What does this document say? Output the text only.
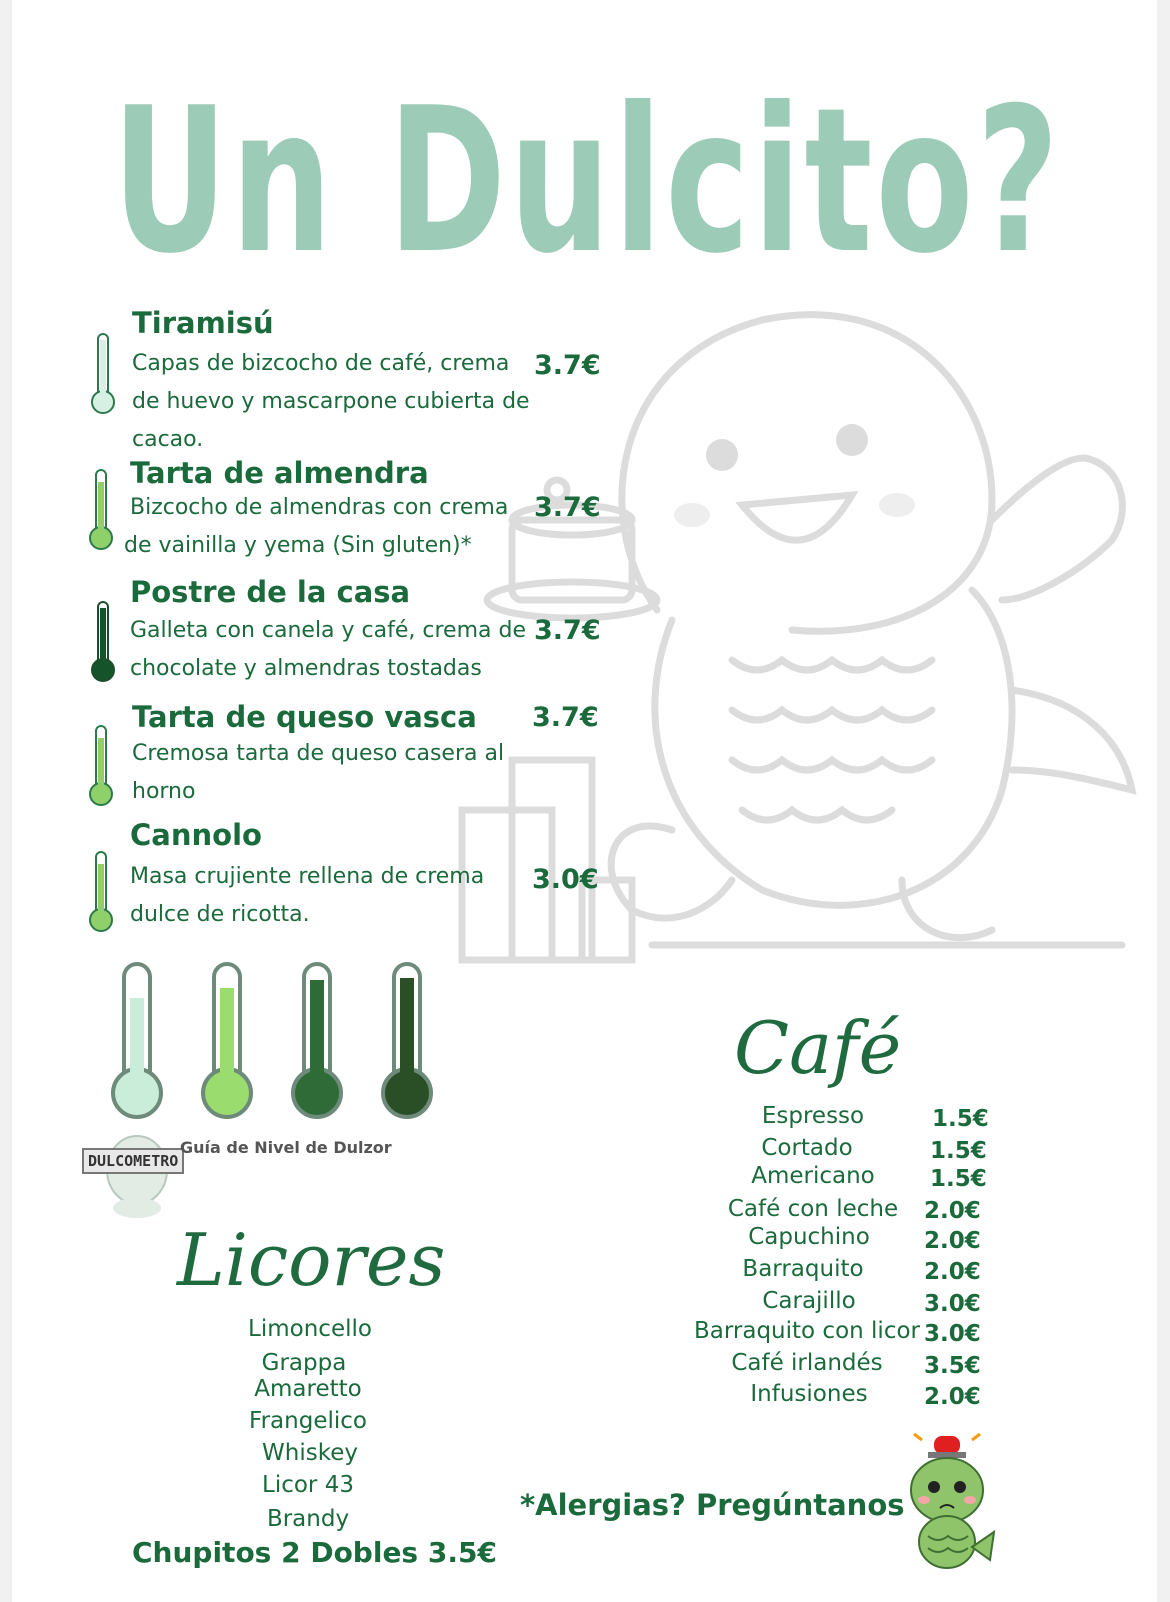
Un Dulcito?
Tiramisú
Capas de bizcocho de café, crema de huevo y mascarpone cubierta de cacao.
3.7€
Tarta de almendra
Bizcocho de almendras con crema de vainilla y yema (Sin gluten)*
3.7€
Postre de la casa
Galleta con canela y café, crema de chocolate y almendras tostadas
3.7€
Tarta de queso vasca
Cremosa tarta de queso casera al horno
3.7€
Cannolo
Masa crujiente rellena de crema dulce de ricotta.
3.0€
DULCOMETRO
Guía de Nivel de Dulzor
Licores
Limoncello
Grappa
Amaretto
Frangelico
Whiskey
Licor 43
Brandy
Chupitos 2 Dobles 3.5€
Café
Espresso	1.5€
Cortado	1.5€
Americano	1.5€
Café con leche	2.0€
Capuchino	2.0€
Barraquito	2.0€
Carajillo	3.0€
Barraquito con licor 3.0€
Café irlandés	3.5€
Infusiones	2.0€
*Alergias? Pregúntanos
